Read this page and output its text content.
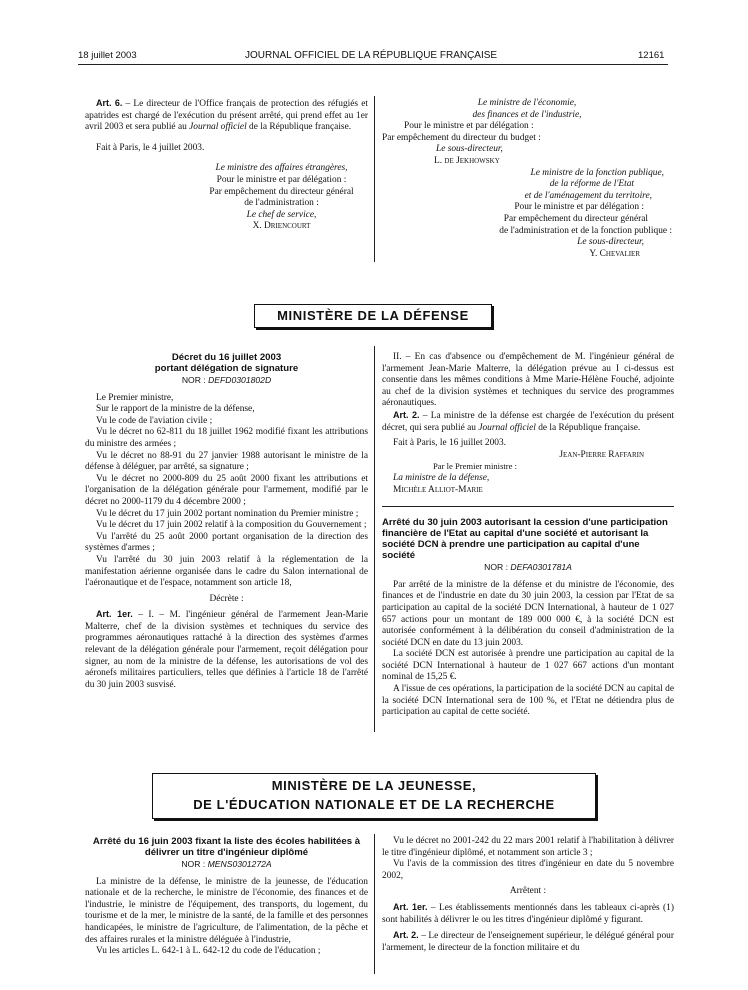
18 juillet 2003	JOURNAL OFFICIEL DE LA RÉPUBLIQUE FRANÇAISE	12161

Art. 6. – Le directeur de l'Office français de protection des réfugiés et apatrides est chargé de l'exécution du présent arrêté, qui prend effet au 1er avril 2003 et sera publié au Journal officiel de la République française.

Fait à Paris, le 4 juillet 2003.

Le ministre des affaires étrangères,

Pour le ministre et par délégation :

Par empêchement du directeur général

de l'administration :

Le chef de service,

X. Driencourt

Le ministre de l'économie,

des finances et de l'industrie,

Pour le ministre et par délégation :

Par empêchement du directeur du budget :

Le sous-directeur,

L. de Jekhowsky

Le ministre de la fonction publique,

de la réforme de l'Etat

et de l'aménagement du territoire,

Pour le ministre et par délégation :

Par empêchement du directeur général

de l'administration et de la fonction publique :

Le sous-directeur,

Y. Chevalier

MINISTÈRE DE LA DÉFENSE
Décret du 16 juillet 2003
portant délégation de signature
NOR : DEFD0301802D

Le Premier ministre,

Sur le rapport de la ministre de la défense,

Vu le code de l'aviation civile ;

Vu le décret no 62-811 du 18 juillet 1962 modifié fixant les attributions du ministre des armées ;

Vu le décret no 88-91 du 27 janvier 1988 autorisant le ministre de la défense à déléguer, par arrêté, sa signature ;

Vu le décret no 2000-809 du 25 août 2000 fixant les attributions et l'organisation de la délégation générale pour l'armement, modifié par le décret no 2000-1179 du 4 décembre 2000 ;

Vu le décret du 17 juin 2002 portant nomination du Premier ministre ;

Vu le décret du 17 juin 2002 relatif à la composition du Gouvernement ;

Vu l'arrêté du 25 août 2000 portant organisation de la direction des systèmes d'armes ;

Vu l'arrêté du 30 juin 2003 relatif à la réglementation de la manifestation aérienne organisée dans le cadre du Salon international de l'aéronautique et de l'espace, notamment son article 18,

Décrète :

Art. 1er. – I. – M. l'ingénieur général de l'armement Jean-Marie Malterre, chef de la division systèmes et techniques du service des programmes aéronautiques rattaché à la direction des systèmes d'armes relevant de la délégation générale pour l'armement, reçoit délégation pour signer, au nom de la ministre de la défense, les autorisations de vol des aéronefs militaires particuliers, telles que définies à l'article 18 de l'arrêté du 30 juin 2003 susvisé.

II. – En cas d'absence ou d'empêchement de M. l'ingénieur général de l'armement Jean-Marie Malterre, la délégation prévue au I ci-dessus est consentie dans les mêmes conditions à Mme Marie-Hélène Fouché, adjointe au chef de la division systèmes et techniques du service des programmes aéronautiques.

Art. 2. – La ministre de la défense est chargée de l'exécution du présent décret, qui sera publié au Journal officiel de la République française.

Fait à Paris, le 16 juillet 2003.

Jean-Pierre Raffarin

Par le Premier ministre :

La ministre de la défense,

Michèle Alliot-Marie

Arrêté du 30 juin 2003 autorisant la cession d'une participation financière de l'Etat au capital d'une société et autorisant la société DCN à prendre une participation au capital d'une société
NOR : DEFA0301781A

Par arrêté de la ministre de la défense et du ministre de l'économie, des finances et de l'industrie en date du 30 juin 2003, la cession par l'Etat de sa participation au capital de la société DCN International, à hauteur de 1 027 657 actions pour un montant de 189 000 000 €, à la société DCN est autorisée conformément à la délibération du conseil d'administration de la société DCN en date du 13 juin 2003.

La société DCN est autorisée à prendre une participation au capital de la société DCN International à hauteur de 1 027 667 actions d'un montant nominal de 15,25 €.

A l'issue de ces opérations, la participation de la société DCN au capital de la société DCN International sera de 100 %, et l'Etat ne détiendra plus de participation au capital de cette société.

MINISTÈRE DE LA JEUNESSE,
DE L'ÉDUCATION NATIONALE ET DE LA RECHERCHE
Arrêté du 16 juin 2003 fixant la liste des écoles habilitées à délivrer un titre d'ingénieur diplômé
NOR : MENS0301272A

La ministre de la défense, le ministre de la jeunesse, de l'éducation nationale et de la recherche, le ministre de l'économie, des finances et de l'industrie, le ministre de l'équipement, des transports, du logement, du tourisme et de la mer, le ministre de la santé, de la famille et des personnes handicapées, le ministre de l'agriculture, de l'alimentation, de la pêche et des affaires rurales et la ministre déléguée à l'industrie,

Vu les articles L. 642-1 à L. 642-12 du code de l'éducation ;

Vu le décret no 2001-242 du 22 mars 2001 relatif à l'habilitation à délivrer le titre d'ingénieur diplômé, et notamment son article 3 ;

Vu l'avis de la commission des titres d'ingénieur en date du 5 novembre 2002,

Arrêtent :

Art. 1er. – Les établissements mentionnés dans les tableaux ci-après (1) sont habilités à délivrer le ou les titres d'ingénieur diplômé y figurant.

Art. 2. – Le directeur de l'enseignement supérieur, le délégué général pour l'armement, le directeur de la fonction militaire et du
